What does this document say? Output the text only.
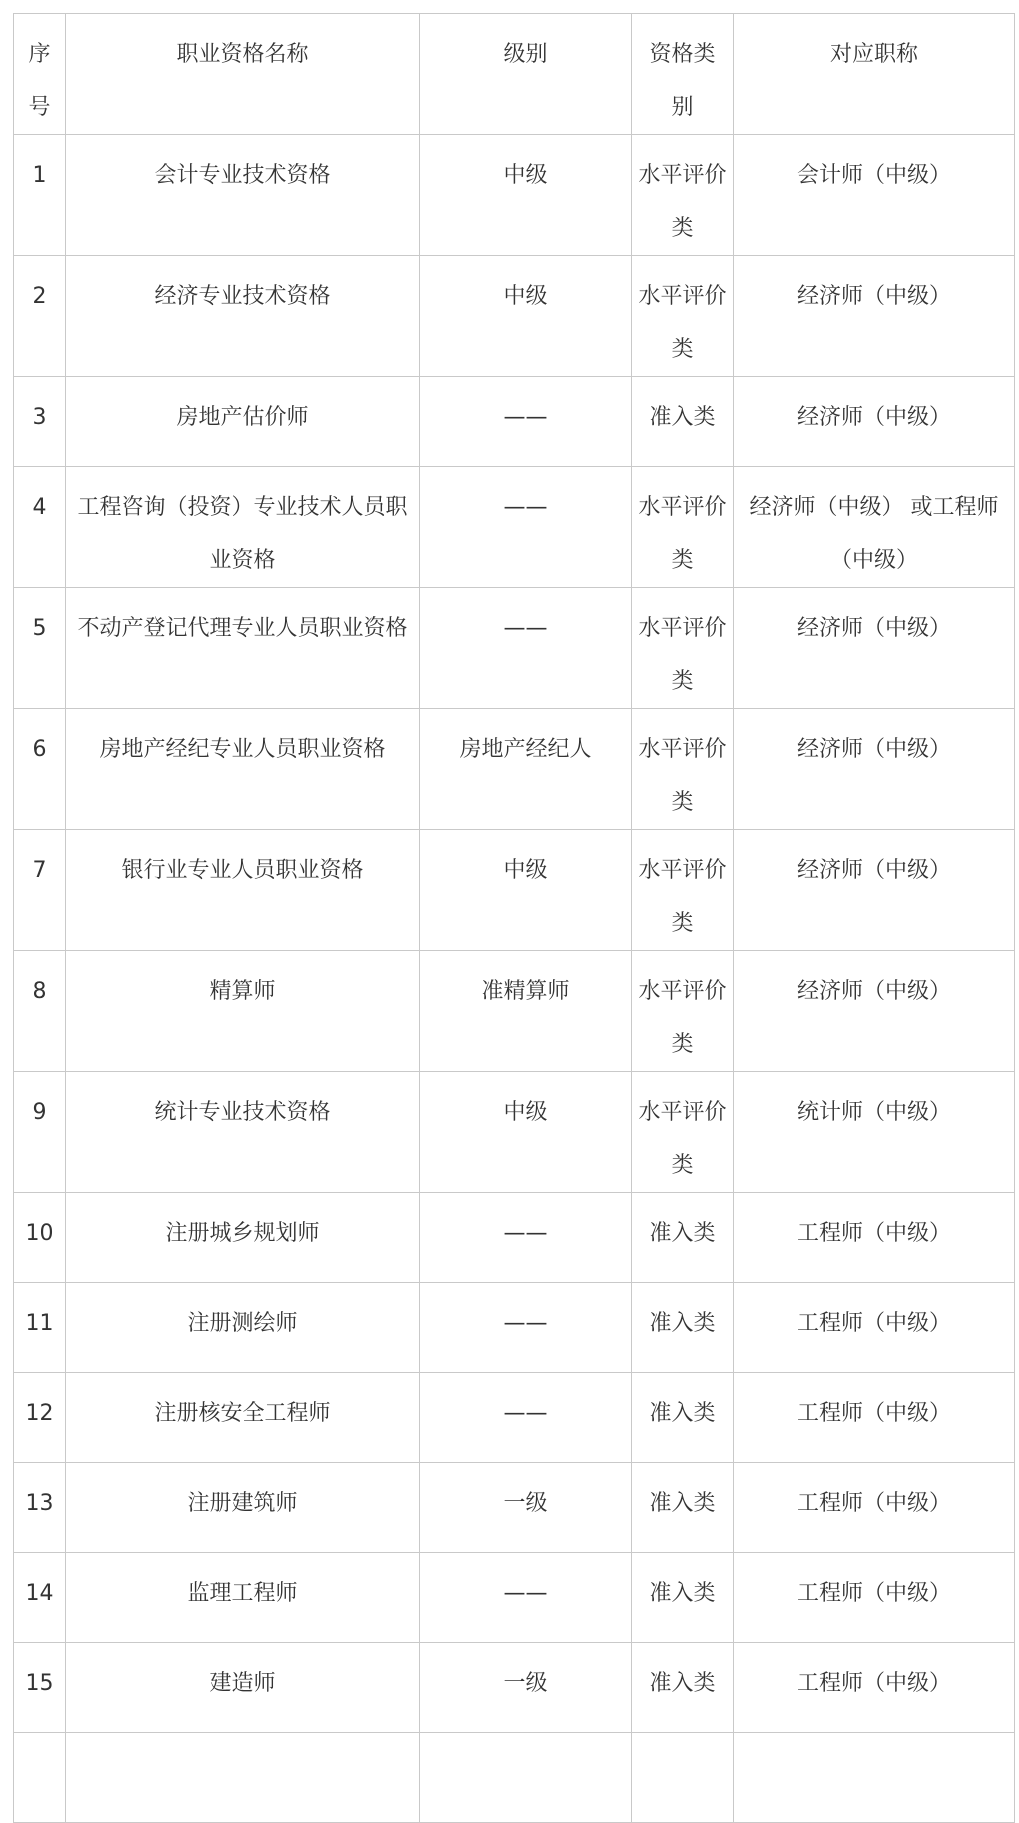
序号	职业资格名称	级别	资格类别	对应职称
1	会计专业技术资格	中级	水平评价类	会计师（中级）
2	经济专业技术资格	中级	水平评价类	经济师（中级）
3	房地产估价师	——	准入类	经济师（中级）
4	工程咨询（投资）专业技术人员职业资格	——	水平评价类	经济师（中级） 或工程师（中级）
5	不动产登记代理专业人员职业资格	——	水平评价类	经济师（中级）
6	房地产经纪专业人员职业资格	房地产经纪人	水平评价类	经济师（中级）
7	银行业专业人员职业资格	中级	水平评价类	经济师（中级）
8	精算师	准精算师	水平评价类	经济师（中级）
9	统计专业技术资格	中级	水平评价类	统计师（中级）
10	注册城乡规划师	——	准入类	工程师（中级）
11	注册测绘师	——	准入类	工程师（中级）
12	注册核安全工程师	——	准入类	工程师（中级）
13	注册建筑师	一级	准入类	工程师（中级）
14	监理工程师	——	准入类	工程师（中级）
15	建造师	一级	准入类	工程师（中级）
